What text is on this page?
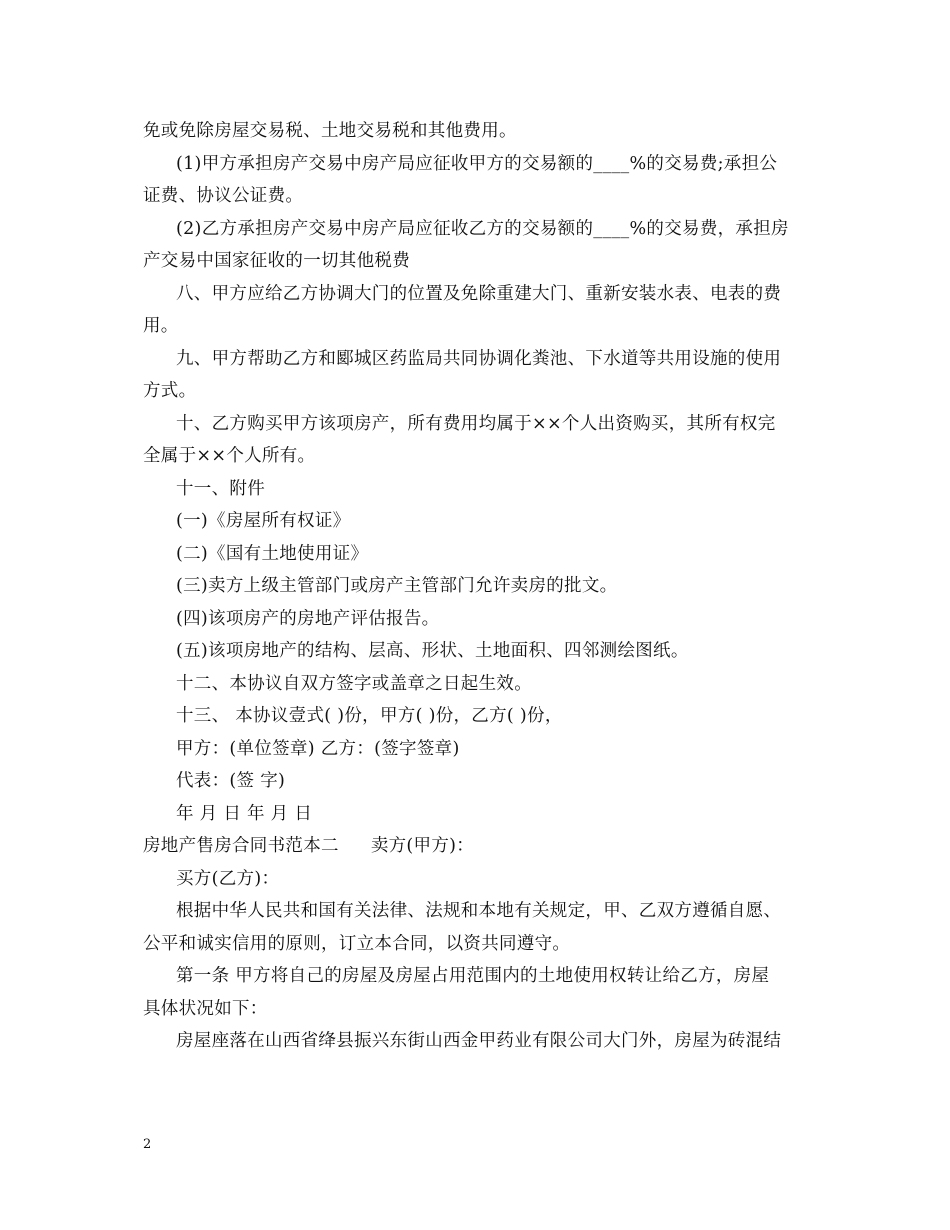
免或免除房屋交易税、土地交易税和其他费用。
(1)甲方承担房产交易中房产局应征收甲方的交易额的____%的交易费;承担公
证费、协议公证费。
(2)乙方承担房产交易中房产局应征收乙方的交易额的____%的交易费，承担房
产交易中国家征收的一切其他税费
八、甲方应给乙方协调大门的位置及免除重建大门、重新安装水表、电表的费
用。
九、甲方帮助乙方和郾城区药监局共同协调化粪池、下水道等共用设施的使用
方式。
十、乙方购买甲方该项房产，所有费用均属于××个人出资购买，其所有权完
全属于××个人所有。
十一、附件
(一)《房屋所有权证》
(二)《国有土地使用证》
(三)卖方上级主管部门或房产主管部门允许卖房的批文。
(四)该项房产的房地产评估报告。
(五)该项房地产的结构、层高、形状、土地面积、四邻测绘图纸。
十二、本协议自双方签字或盖章之日起生效。
十三、 本协议壹式( )份，甲方( )份，乙方( )份，
甲方：(单位签章) 乙方：(签字签章)
代表：(签 字)
年 月 日 年 月 日
房地产售房合同书范本二 卖方(甲方)：
买方(乙方)：
根据中华人民共和国有关法律、法规和本地有关规定，甲、乙双方遵循自愿、
公平和诚实信用的原则，订立本合同，以资共同遵守。
第一条 甲方将自己的房屋及房屋占用范围内的土地使用权转让给乙方，房屋
具体状况如下：
房屋座落在山西省绛县振兴东街山西金甲药业有限公司大门外，房屋为砖混结
2
